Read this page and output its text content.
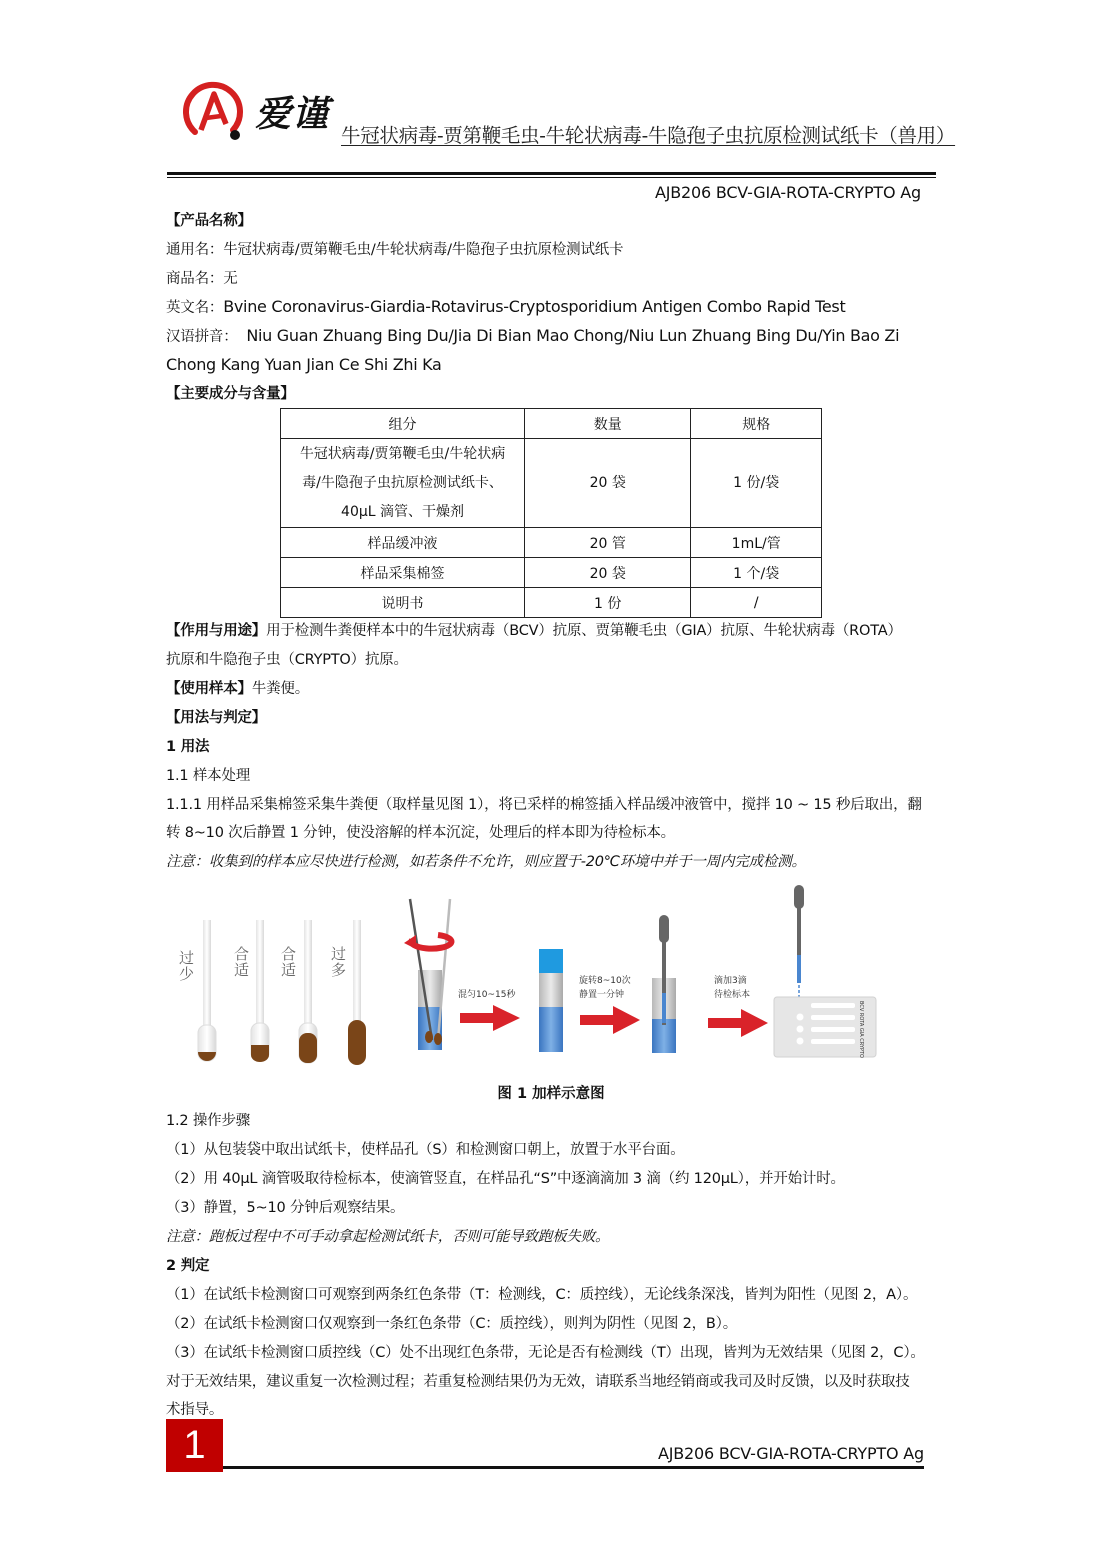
爱谨
牛冠状病毒-贾第鞭毛虫-牛轮状病毒-牛隐孢子虫抗原检测试纸卡（兽用）
AJB206 BCV-GIA-ROTA-CRYPTO Ag
【产品名称】
通用名：牛冠状病毒/贾第鞭毛虫/牛轮状病毒/牛隐孢子虫抗原检测试纸卡
商品名：无
英文名：Bvine Coronavirus-Giardia-Rotavirus-Cryptosporidium Antigen Combo Rapid Test
汉语拼音： Niu Guan Zhuang Bing Du/Jia Di Bian Mao Chong/Niu Lun Zhuang Bing Du/Yin Bao Zi
Chong Kang Yuan Jian Ce Shi Zhi Ka
【主要成分与含量】
组分	数量	规格

牛冠状病毒/贾第鞭毛虫/牛轮状病
毒/牛隐孢子虫抗原检测试纸卡、
40μL 滴管、干燥剂	20 袋	1 份/袋
样品缓冲液	20 管	1mL/管
样品采集棉签	20 袋	1 个/袋
说明书	1 份	/
【作用与用途】用于检测牛粪便样本中的牛冠状病毒（BCV）抗原、贾第鞭毛虫（GIA）抗原、牛轮状病毒（ROTA）
抗原和牛隐孢子虫（CRYPTO）抗原。
【使用样本】牛粪便。
【用法与判定】
1 用法
1.1 样本处理
1.1.1 用样品采集棉签采集牛粪便（取样量见图 1），将已采样的棉签插入样品缓冲液管中，搅拌 10 ~ 15 秒后取出，翻
转 8~10 次后静置 1 分钟，使没溶解的样本沉淀，处理后的样本即为待检标本。
注意：收集到的样本应尽快进行检测，如若条件不允许，则应置于-20℃环境中并于一周内完成检测。
过
少
合
适
合
适
过
多
混匀10~15秒
旋转8~10次
静置一分钟
滴加3滴
待检标本
BCV ROTA GIA CRYPTO
图 1 加样示意图
1.2 操作步骤
（1）从包装袋中取出试纸卡，使样品孔（S）和检测窗口朝上，放置于水平台面。
（2）用 40μL 滴管吸取待检标本，使滴管竖直，在样品孔“S”中逐滴滴加 3 滴（约 120μL），并开始计时。
（3）静置，5~10 分钟后观察结果。
注意：跑板过程中不可手动拿起检测试纸卡，否则可能导致跑板失败。
2 判定
（1）在试纸卡检测窗口可观察到两条红色条带（T：检测线，C：质控线），无论线条深浅，皆判为阳性（见图 2，A）。
（2）在试纸卡检测窗口仅观察到一条红色条带（C：质控线），则判为阴性（见图 2，B）。
（3）在试纸卡检测窗口质控线（C）处不出现红色条带，无论是否有检测线（T）出现，皆判为无效结果（见图 2，C）。
对于无效结果，建议重复一次检测过程；若重复检测结果仍为无效，请联系当地经销商或我司及时反馈，以及时获取技
术指导。
1	AJB206 BCV-GIA-ROTA-CRYPTO Ag
